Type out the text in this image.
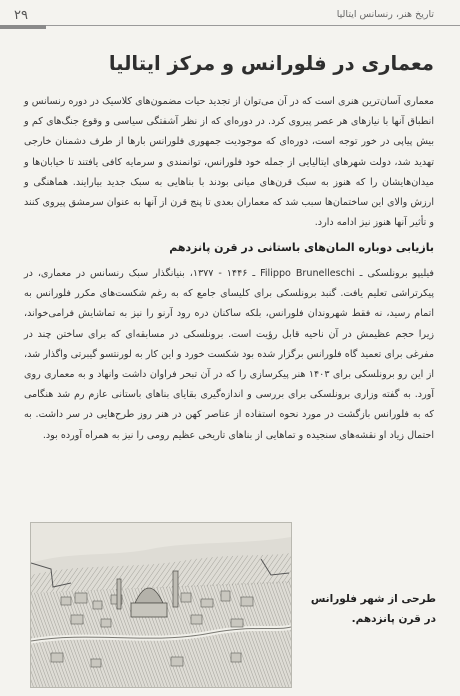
۲۹	تاریخ هنر، رنسانس ایتالیا
معماری در فلورانس و مرکز ایتالیا
معماری آسان‌ترین هنری است که در آن می‌توان از تجدید حیات مضمون‌های کلاسیک در دوره رنسانس و انطباق آنها با نیازهای هر عصر پیروی کرد. در دوره‌ای که از نظر آشفتگی سیاسی و وقوع جنگ‌های کم و بیش پیاپی در خور توجه است، دوره‌ای که موجودیت جمهوری فلورانس بارها از طرف دشمنان خارجی تهدید شد، دولت شهرهای ایتالیایی از جمله خود فلورانس، توانمندی و سرمایه کافی یافتند تا خیابان‌ها و میدان‌هایشان را که هنوز به سبک قرن‌های میانی بودند با بناهایی به سبک جدید بیارایند. هماهنگی و ارزش والای این ساختمان‌ها سبب شد که معماران بعدی تا پنج قرن از آنها به عنوان سرمشق پیروی کنند و تأثیر آنها هنوز نیز ادامه دارد.
بازیابی دوباره المان‌های باستانی در قرن پانزدهم
فیلیپو برونلسکی ـ Filippo Brunelleschi ـ ۱۴۴۶ - ۱۳۷۷، بنیانگذار سبک رنسانس در معماری، در پیکرتراشی تعلیم یافت. گنبد برونلسکی برای کلیسای جامع که به رغم شکست‌های مکرر فلورانس به اتمام رسید، نه فقط شهروندان فلورانس، بلکه ساکنان دره رود آرنو را نیز به تماشایش فرامی‌خواند، زیرا حجم عظیمش در آن ناحیه قابل رؤیت است. برونلسکی در مسابقه‌ای که برای ساختن چند در مفرغی برای تعمید گاه فلورانس برگزار شده بود شکست خورد و این کار به لورنتسو گیبرتی واگذار شد، از این رو برونلسکی برای ۱۴۰۳ هنر پیکرسازی را که در آن تبحر فراوان داشت وانهاد و به معماری روی آورد. به گفته وزاری برونلسکی برای بررسی و اندازه‌گیری بقایای بناهای باستانی عازم رم شد هنگامی که به فلورانس بازگشت در مورد نحوه استفاده از عناصر کهن در هنر روز طرح‌هایی در سر داشت. به احتمال زیاد او نقشه‌های سنجیده و تماهایی از بناهای تاریخی عظیم رومی را نیز به همراه آورده بود.
طرحی از شهر فلورانس در قرن پانزدهم.
